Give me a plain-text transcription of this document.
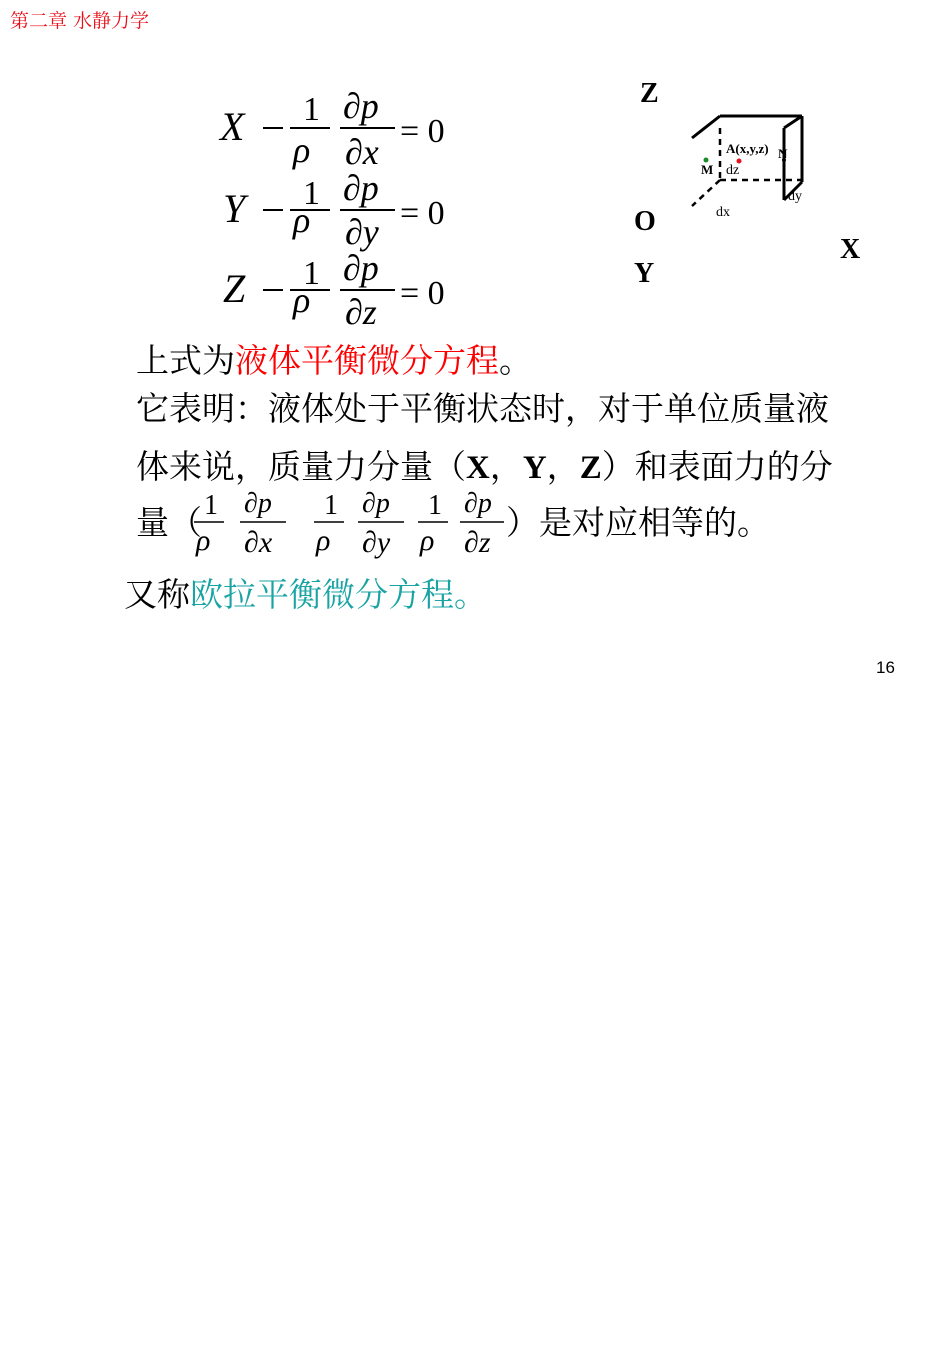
第二章 水静力学
X 1
ρ
∂p
∂x
= 0
Y 1
ρ
∂p
∂y = 0
Z 1
ρ
∂p
∂z = 0
Z
O
Y
X
A(x,y,z)
M
N
dz
dx
dy
上式为液体平衡微分方程。
它表明：液体处于平衡状态时，对于单位质量液
体来说，质量力分量（X，Y，Z）和表面力的分
量（ 1
ρ
∂p
∂x
1
ρ
∂p
∂y
1
ρ
∂p
∂z
）是对应相等的。
又称欧拉平衡微分方程。
16
